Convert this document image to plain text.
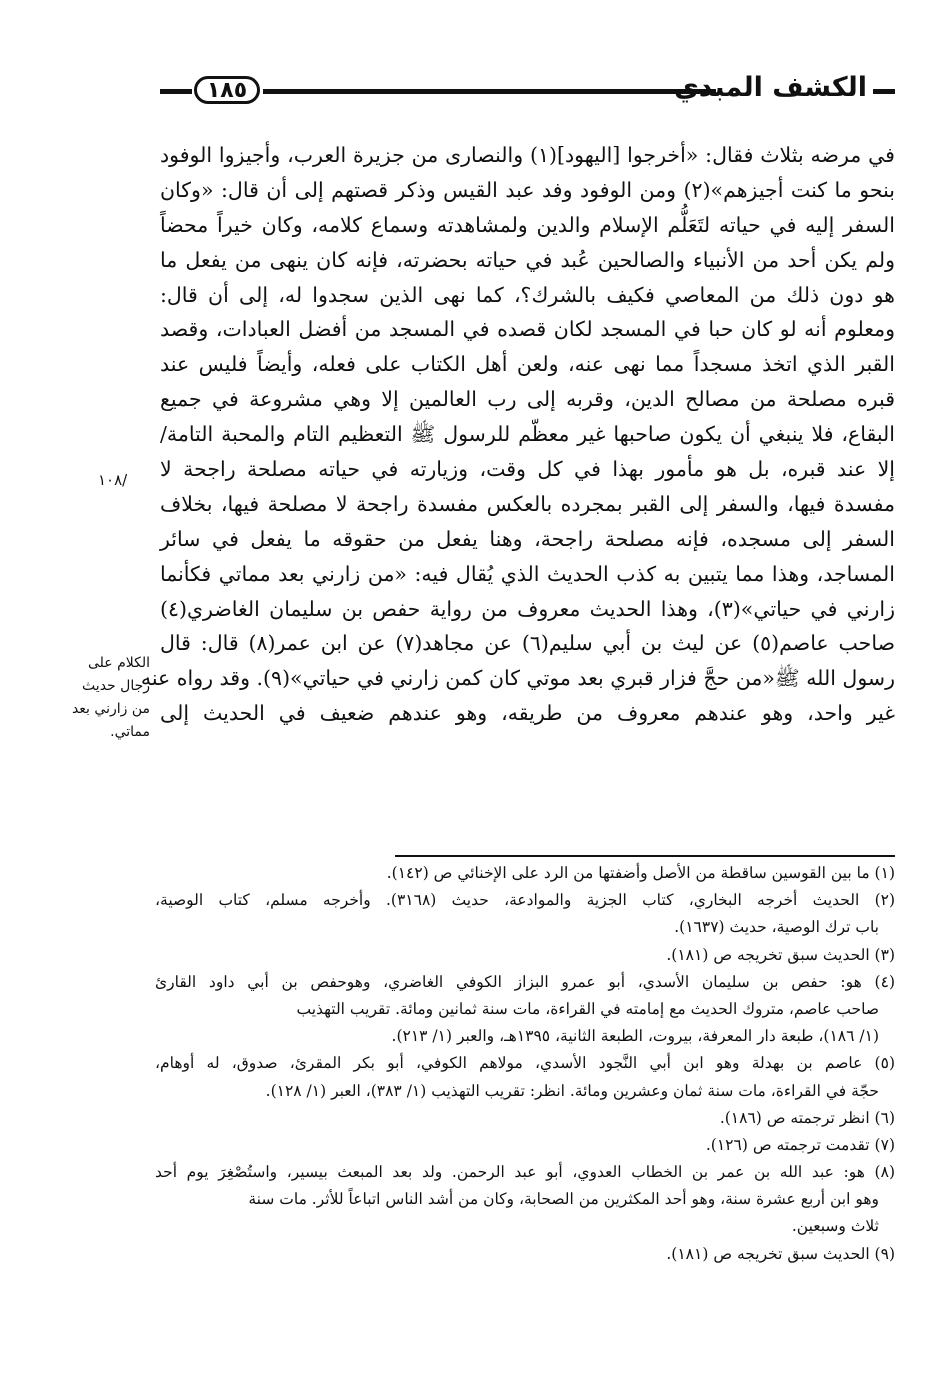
١٨٥	الكشف المبدي
في مرضه بثلاث فقال: «أخرجوا [اليهود](١) والنصارى من جزيرة العرب، وأجيزوا الوفود
بنحو ما كنت أجيزهم»(٢) ومن الوفود وفد عبد القيس وذكر قصتهم إلى أن قال: «وكان
السفر إليه في حياته لتَعَلُّم الإسلام والدين ولمشاهدته وسماع كلامه، وكان خيراً محضاً
ولم يكن أحد من الأنبياء والصالحين عُبد في حياته بحضرته، فإنه كان ينهى من يفعل ما
هو دون ذلك من المعاصي فكيف بالشرك؟، كما نهى الذين سجدوا له، إلى أن قال:
ومعلوم أنه لو كان حبا في المسجد لكان قصده في المسجد من أفضل العبادات، وقصد
القبر الذي اتخذ مسجداً مما نهى عنه، ولعن أهل الكتاب على فعله، وأيضاً فليس عند
قبره مصلحة من مصالح الدين، وقربه إلى رب العالمين إلا وهي مشروعة في جميع
البقاع، فلا ينبغي أن يكون صاحبها غير معظّم للرسول ﷺ التعظيم التام والمحبة التامة/
إلا عند قبره، بل هو مأمور بهذا في كل وقت، وزيارته في حياته مصلحة راجحة لا
مفسدة فيها، والسفر إلى القبر بمجرده بالعكس مفسدة راجحة لا مصلحة فيها، بخلاف
السفر إلى مسجده، فإنه مصلحة راجحة، وهنا يفعل من حقوقه ما يفعل في سائر
المساجد، وهذا مما يتبين به كذب الحديث الذي يُقال فيه: «من زارني بعد مماتي فكأنما
زارني في حياتي»(٣)، وهذا الحديث معروف من رواية حفص بن سليمان الغاضري(٤)
صاحب عاصم(٥) عن ليث بن أبي سليم(٦) عن مجاهد(٧) عن ابن عمر(٨) قال: قال
رسول الله ﷺ«من حجَّ فزار قبري بعد موتي كان كمن زارني في حياتي»(٩). وقد رواه عنه
غير واحد، وهو عندهم معروف من طريقه، وهو عندهم ضعيف في الحديث إلى
/١٠٨
الكلام على
رجال حديث
من زارني بعد
مماتي.
(١) ما بين القوسين ساقطة من الأصل وأضفتها من الرد على الإخنائي ص (١٤٢).
(٢) الحديث أخرجه البخاري، كتاب الجزية والموادعة، حديث (٣١٦٨). وأخرجه مسلم، كتاب الوصية،
باب ترك الوصية، حديث (١٦٣٧).
(٣) الحديث سبق تخريجه ص (١٨١).
(٤) هو: حفص بن سليمان الأسدي، أبو عمرو البزاز الكوفي الغاضري، وهوحفص بن أبي داود القارئ
صاحب عاصم، متروك الحديث مع إمامته في القراءة، مات سنة ثمانين ومائة. تقريب التهذيب
(١/ ١٨٦)، طبعة دار المعرفة، بيروت، الطبعة الثانية، ١٣٩٥هـ، والعبر (١/ ٢١٣).
(٥) عاصم بن بهدلة وهو ابن أبي النَّجود الأسدي، مولاهم الكوفي، أبو بكر المقرئ، صدوق، له أوهام،
حجّة في القراءة، مات سنة ثمان وعشرين ومائة. انظر: تقريب التهذيب (١/ ٣٨٣)، العبر (١/ ١٢٨).
(٦) انظر ترجمته ص (١٨٦).
(٧) تقدمت ترجمته ص (١٢٦).
(٨) هو: عبد الله بن عمر بن الخطاب العدوي، أبو عبد الرحمن. ولد بعد المبعث بيسير، واستُصْغِرَ يوم أحد
وهو ابن أربع عشرة سنة، وهو أحد المكثرين من الصحابة، وكان من أشد الناس اتباعاً للأثر. مات سنة
ثلاث وسبعين.
(٩) الحديث سبق تخريجه ص (١٨١).
